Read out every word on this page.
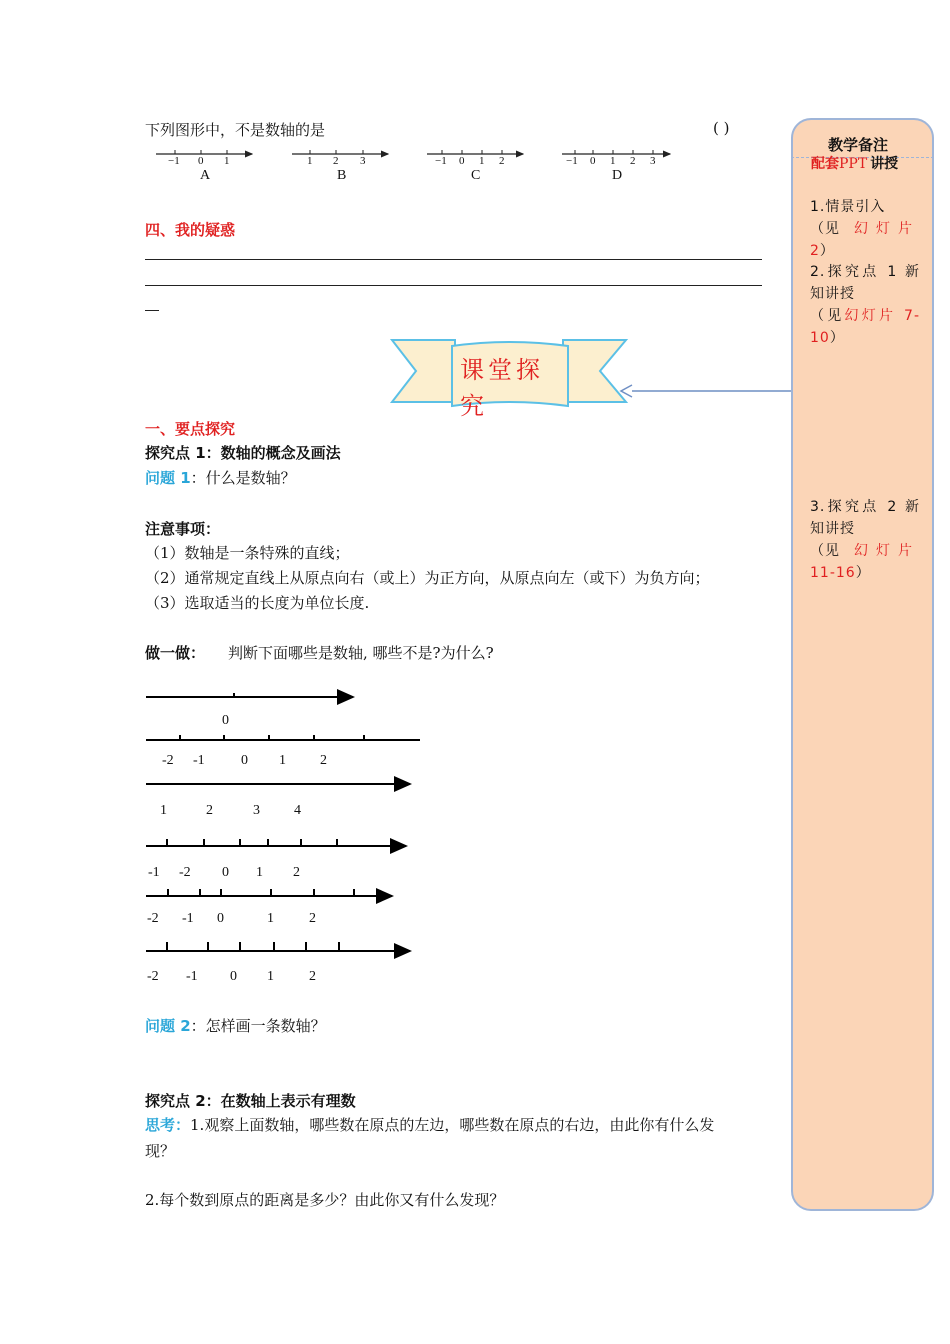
下列图形中，不是数轴的是	( )
−1 0 1	1 2 3	−1 0 1 2	−1 0 1 2 3
A	B	C	D
四、我的疑惑
课堂探究
一、要点探究
探究点 1：数轴的概念及画法
问题 1：什么是数轴？
注意事项：
（1）数轴是一条特殊的直线；
（2）通常规定直线上从原点向右（或上）为正方向，从原点向左（或下）为负方向；
（3）选取适当的长度为单位长度.
做一做： 判断下面哪些是数轴, 哪些不是?为什么?
0
-2 -1	0 1 2
1	2	3 4
-1 -2 0 1 2
-2 -1 0	1	2
-2 -1 0 1	2
问题 2：怎样画一条数轴？
探究点 2：在数轴上表示有理数
思考：1.观察上面数轴，哪些数在原点的左边，哪些数在原点的右边，由此你有什么发
现？
2.每个数到原点的距离是多少？由此你又有什么发现？
教学备注
配套PPT 讲授
1.情景引入
（见 幻灯片
2）
2.探究点 1 新知讲授
（见幻灯片 7-10）
3.探究点 2 新知讲授
（见 幻灯片
11-16）
